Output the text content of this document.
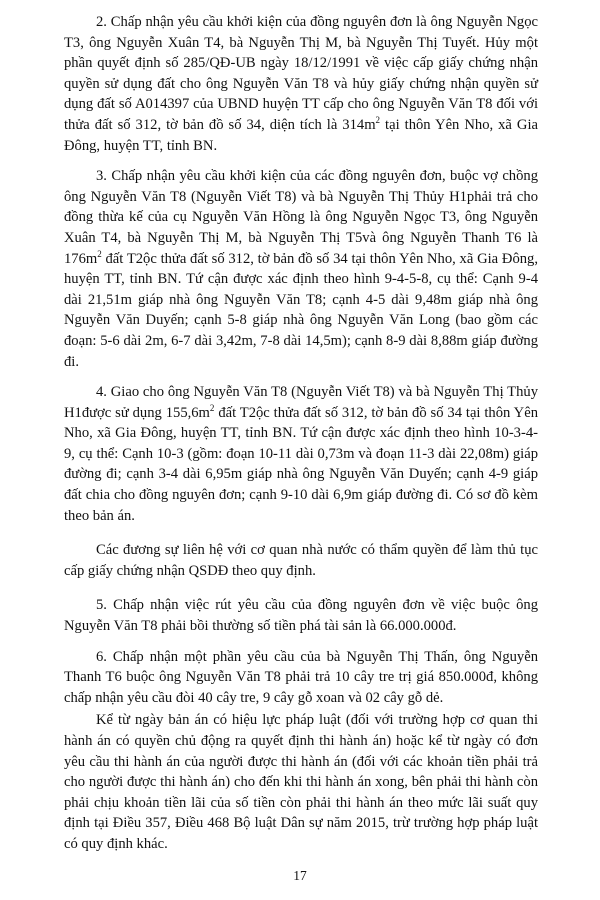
2. Chấp nhận yêu cầu khởi kiện của đồng nguyên đơn là ông Nguyễn Ngọc T3, ông Nguyễn Xuân T4, bà Nguyễn Thị M, bà Nguyễn Thị Tuyết. Hủy một phần quyết định số 285/QĐ-UB ngày 18/12/1991 về việc cấp giấy chứng nhận quyền sử dụng đất cho ông Nguyễn Văn T8 và hủy giấy chứng nhận quyền sử dụng đất số A014397 của UBND huyện TT cấp cho ông Nguyễn Văn T8 đối với thửa đất số 312, tờ bản đồ số 34, diện tích là $314m^2$ tại thôn Yên Nho, xã Gia Đông, huyện TT, tỉnh BN.

3. Chấp nhận yêu cầu khởi kiện của các đồng nguyên đơn, buộc vợ chồng ông Nguyễn Văn T8 (Nguyễn Viết T8) và bà Nguyễn Thị Thủy H1phải trả cho đồng thừa kế của cụ Nguyễn Văn Hồng là ông Nguyễn Ngọc T3, ông Nguyễn Xuân T4, bà Nguyễn Thị M, bà Nguyễn Thị T5và ông Nguyễn Thanh T6 là $176m^2$ đất T2ộc thửa đất số 312, tờ bản đồ số 34 tại thôn Yên Nho, xã Gia Đông, huyện TT, tỉnh BN. Tứ cận được xác định theo hình 9-4-5-8, cụ thể: Cạnh 9-4 dài 21,51m giáp nhà ông Nguyễn Văn T8; cạnh 4-5 dài 9,48m giáp nhà ông Nguyễn Văn Duyến; cạnh 5-8 giáp nhà ông Nguyễn Văn Long (bao gồm các đoạn: 5-6 dài 2m, 6-7 dài 3,42m, 7-8 dài 14,5m); cạnh 8-9 dài 8,88m giáp đường đi.

4. Giao cho ông Nguyễn Văn T8 (Nguyễn Viết T8) và bà Nguyễn Thị Thủy H1được sử dụng $155,6m^2$ đất T2ộc thửa đất số 312, tờ bản đồ số 34 tại thôn Yên Nho, xã Gia Đông, huyện TT, tỉnh BN. Tứ cận được xác định theo hình 10-3-4-9, cụ thể: Cạnh 10-3 (gồm: đoạn 10-11 dài 0,73m và đoạn 11-3 dài 22,08m) giáp đường đi; cạnh 3-4 dài 6,95m giáp nhà ông Nguyễn Văn Duyến; cạnh 4-9 giáp đất chia cho đồng nguyên đơn; cạnh 9-10 dài 6,9m giáp đường đi. Có sơ đồ kèm theo bản án.

Các đương sự liên hệ với cơ quan nhà nước có thẩm quyền để làm thủ tục cấp giấy chứng nhận QSDĐ theo quy định.

5. Chấp nhận việc rút yêu cầu của đồng nguyên đơn về việc buộc ông Nguyễn Văn T8 phải bồi thường số tiền phá tài sản là 66.000.000đ.

6. Chấp nhận một phần yêu cầu của bà Nguyễn Thị Thấn, ông Nguyễn Thanh T6 buộc ông Nguyễn Văn T8 phải trả 10 cây tre trị giá 850.000đ, không chấp nhận yêu cầu đòi 40 cây tre, 9 cây gỗ xoan và 02 cây gỗ dẻ.

Kể từ ngày bản án có hiệu lực pháp luật (đối với trường hợp cơ quan thi hành án có quyền chủ động ra quyết định thi hành án) hoặc kể từ ngày có đơn yêu cầu thi hành án của người được thi hành án (đối với các khoản tiền phải trả cho người được thi hành án) cho đến khi thi hành án xong, bên phải thi hành còn phải chịu khoản tiền lãi của số tiền còn phải thi hành án theo mức lãi suất quy định tại Điều 357, Điều 468 Bộ luật Dân sự năm 2015, trừ trường hợp pháp luật có quy định khác.

17
